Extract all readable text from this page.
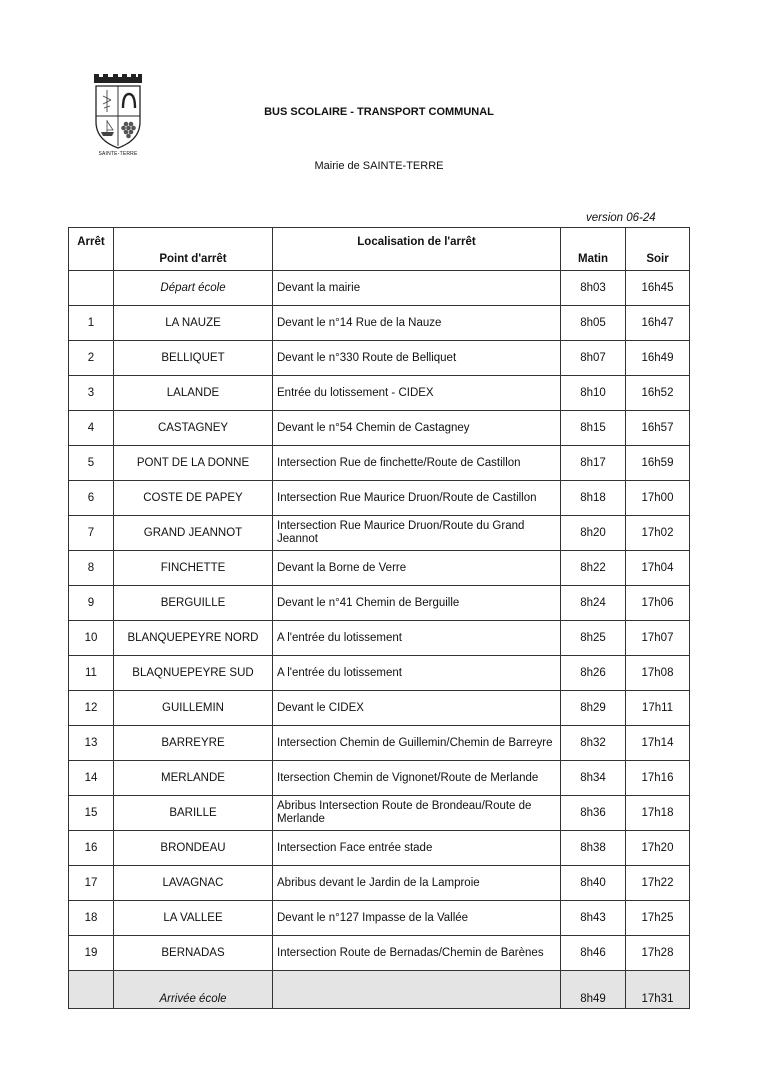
SAINTE-TERRE
BUS SCOLAIRE - TRANSPORT COMMUNAL
Mairie de SAINTE-TERRE
version 06-24
Arrêt	Point d'arrêt	Localisation de l'arrêt	Matin	Soir
	Départ école	Devant la mairie	8h03	16h45
1	LA NAUZE	Devant le n°14 Rue de la Nauze	8h05	16h47
2	BELLIQUET	Devant le n°330 Route de Belliquet	8h07	16h49
3	LALANDE	Entrée du lotissement - CIDEX	8h10	16h52
4	CASTAGNEY	Devant le n°54 Chemin de Castagney	8h15	16h57
5	PONT DE LA DONNE	Intersection Rue de finchette/Route de Castillon	8h17	16h59
6	COSTE DE PAPEY	Intersection Rue Maurice Druon/Route de Castillon	8h18	17h00
7	GRAND JEANNOT	Intersection Rue Maurice Druon/Route du Grand Jeannot	8h20	17h02
8	FINCHETTE	Devant la Borne de Verre	8h22	17h04
9	BERGUILLE	Devant le n°41 Chemin de Berguille	8h24	17h06
10	BLANQUEPEYRE NORD	A l'entrée du lotissement	8h25	17h07
11	BLAQNUEPEYRE SUD	A l'entrée du lotissement	8h26	17h08
12	GUILLEMIN	Devant le CIDEX	8h29	17h11
13	BARREYRE	Intersection Chemin de Guillemin/Chemin de Barreyre	8h32	17h14
14	MERLANDE	Itersection Chemin de Vignonet/Route de Merlande	8h34	17h16
15	BARILLE	Abribus Intersection Route de Brondeau/Route de Merlande	8h36	17h18
16	BRONDEAU	Intersection Face entrée stade	8h38	17h20
17	LAVAGNAC	Abribus devant le Jardin de la Lamproie	8h40	17h22
18	LA VALLEE	Devant le n°127 Impasse de la Vallée	8h43	17h25
19	BERNADAS	Intersection Route de Bernadas/Chemin de Barènes	8h46	17h28
	Arrivée école		8h49	17h31
